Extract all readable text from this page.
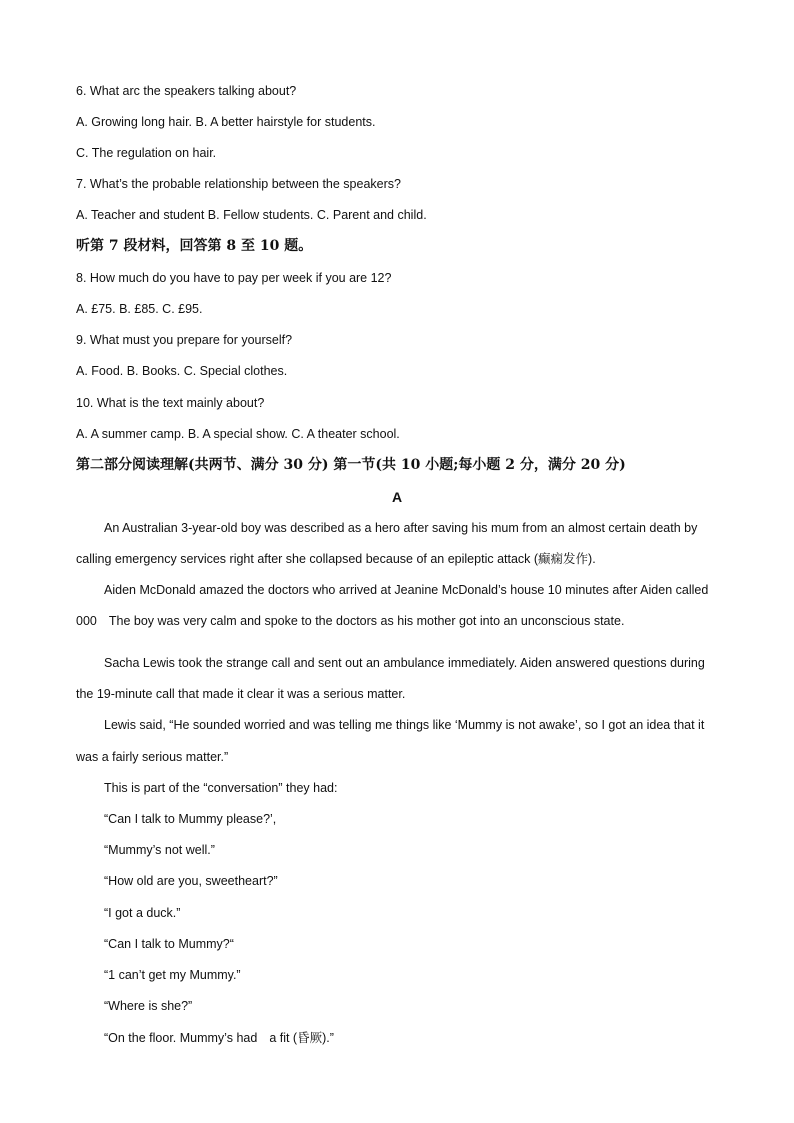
6. What arc the speakers talking about?
A. Growing long hair. B. A better hairstyle for students.
C. The regulation on hair.
7. What’s the probable relationship between the speakers?
A. Teacher and student B. Fellow students. C. Parent and child.
听第 7 段材料，回答第 8 至 10 题。
8. How much do you have to pay per week if you are 12?
A. £75. B. £85. C. £95.
9. What must you prepare for yourself?
A. Food. B. Books. C. Special clothes.
10. What is the text mainly about?
A. A summer camp. B. A special show. C. A theater school.
第二部分阅读理解(共两节、满分 30 分) 第一节(共 10 小题;每小题 2 分，满分 20 分)
A
An Australian 3-year-old boy was described as a hero after saving his mum from an almost certain death by
calling emergency services right after she collapsed because of an epileptic attack (癫痫发作).
Aiden McDonald amazed the doctors who arrived at Jeanine McDonald’s house 10 minutes after Aiden called
000 The boy was very calm and spoke to the doctors as his mother got into an unconscious state.
Sacha Lewis took the strange call and sent out an ambulance immediately. Aiden answered questions during
the 19-minute call that made it clear it was a serious matter.
Lewis said, “He sounded worried and was telling me things like ‘Mummy is not awake’, so I got an idea that it
was a fairly serious matter.”
This is part of the “conversation” they had:
“Can I talk to Mummy please?’,
“Mummy’s not well.”
“How old are you, sweetheart?”
“I got a duck.”
“Can I talk to Mummy?“
“1 can’t get my Mummy.”
“Where is she?”
“On the floor. Mummy’s had a fit (昏厥).”
